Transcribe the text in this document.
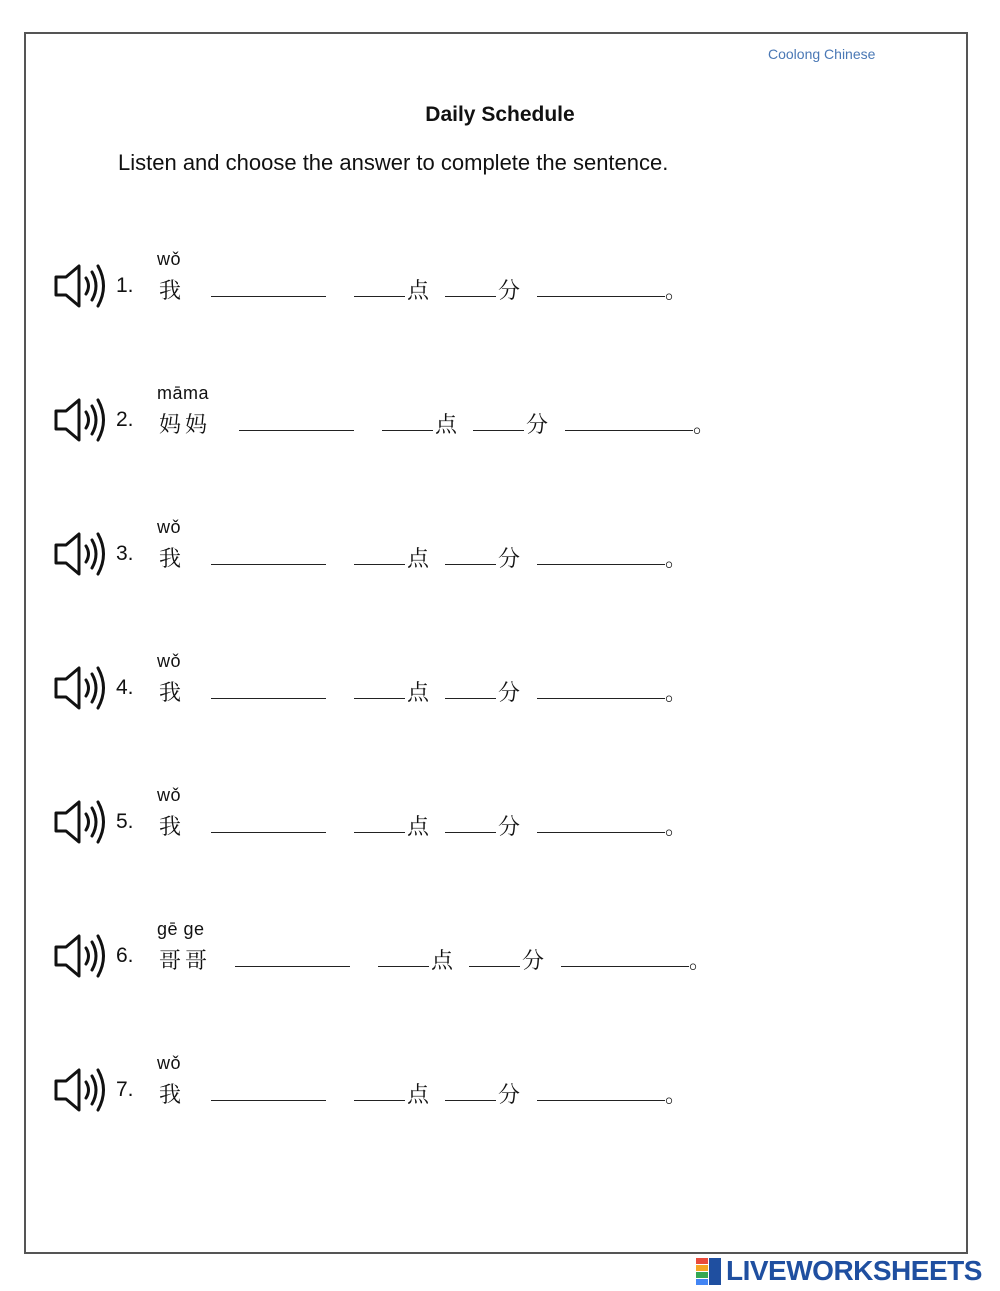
Coolong Chinese
Daily Schedule
Listen and choose the answer to complete the sentence.
1.
wǒ
我	点	分	。
2.
māma
妈妈	点	分	。
3.
wǒ
我	点	分	。
4.
wǒ
我	点	分	。
5.
wǒ
我	点	分	。
6.
gē ge
哥哥	点	分	。
7.
wǒ
我	点	分	。
LIVEWORKSHEETS
